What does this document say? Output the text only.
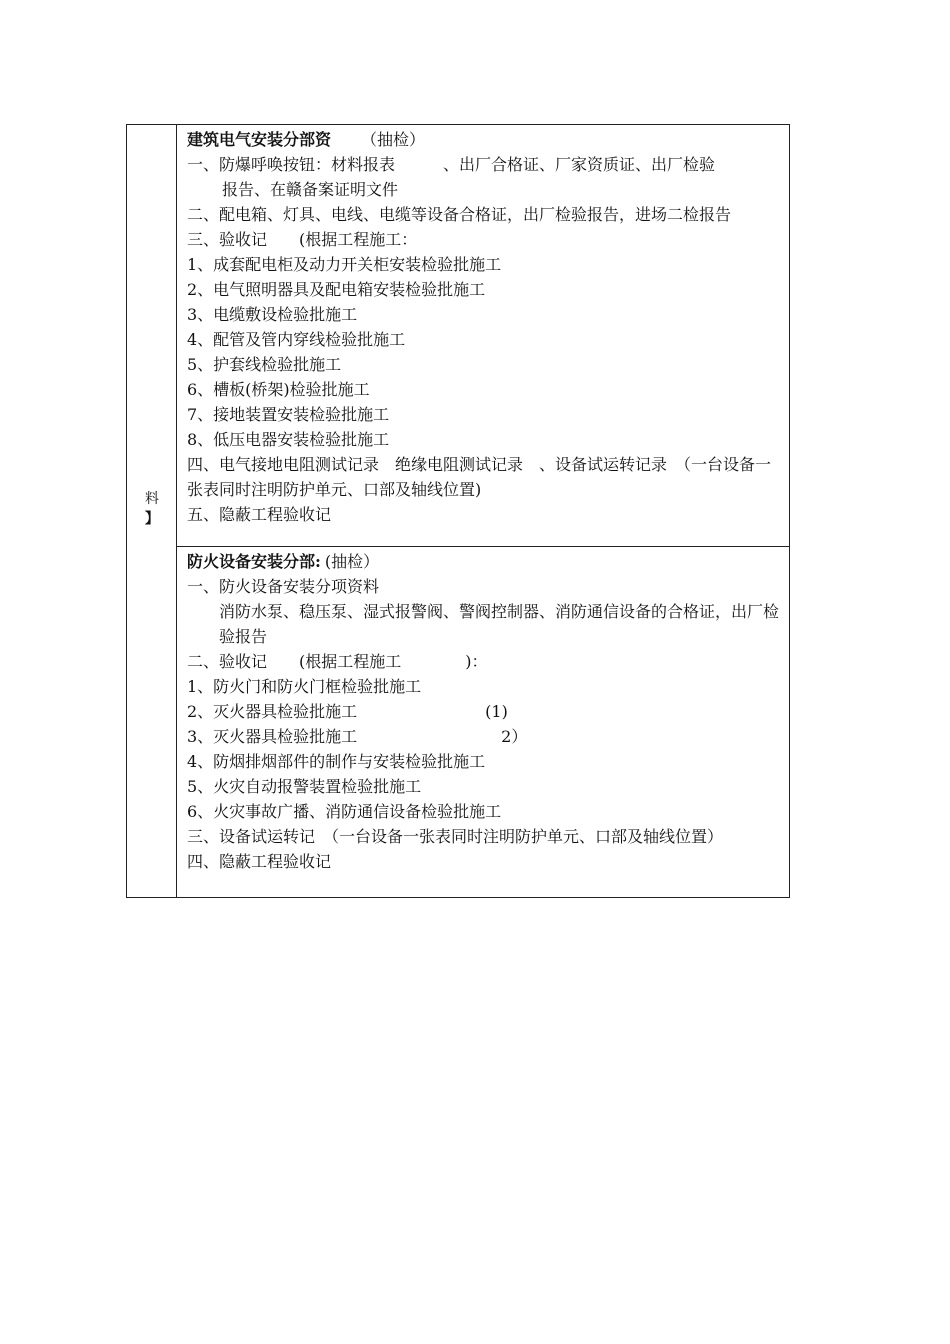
料
】
建筑电气安装分部资 （抽检）
一、防爆呼唤按钮：材料报表　　　、出厂合格证、厂家资质证、出厂检验
报告、在赣备案证明文件
二、配电箱、灯具、电线、电缆等设备合格证，出厂检验报告，进场二检报告
三、验收记　　(根据工程施工：
1、成套配电柜及动力开关柜安装检验批施工
2、电气照明器具及配电箱安装检验批施工
3、电缆敷设检验批施工
4、配管及管内穿线检验批施工
5、护套线检验批施工
6、槽板(桥架)检验批施工
7、接地装置安装检验批施工
8、低压电器安装检验批施工
四、电气接地电阻测试记录　绝缘电阻测试记录　、设备试运转记录　（一台设备一张表同时注明防护单元、口部及轴线位置)
五、隐蔽工程验收记
防火设备安装分部: (抽检）
一、防火设备安装分项资料
消防水泵、稳压泵、湿式报警阀、警阀控制器、消防通信设备的合格证，出厂检验报告
二、验收记　　(根据工程施工　　　　)：
1、防火门和防火门框检验批施工
2、灭火器具检验批施工　　　　　　　　(1)
3、灭火器具检验批施工　　　　　　　　　2）
4、防烟排烟部件的制作与安装检验批施工
5、火灾自动报警装置检验批施工
6、火灾事故广播、消防通信设备检验批施工
三、设备试运转记　（一台设备一张表同时注明防护单元、口部及轴线位置）
四、隐蔽工程验收记
